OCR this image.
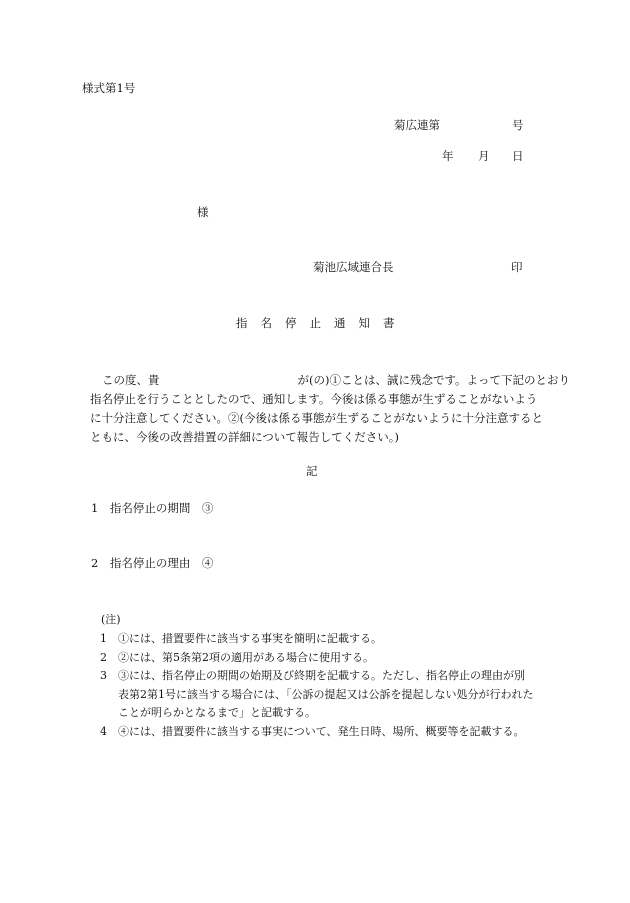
様式第1号
菊広連第	号
年 月 日
様
菊池広域連合長	印
指名停止通知書
この度、貴　　　　　　　　　　　　が(の)①ことは、誠に残念です。よって下記のとおり
指名停止を行うこととしたので、通知します。今後は係る事態が生ずることがないよう
に十分注意してください。②(今後は係る事態が生ずることがないように十分注意すると
ともに、今後の改善措置の詳細について報告してください。)
記
1　指名停止の期間　③
2　指名停止の理由　④
(注)
1　①には、措置要件に該当する事実を簡明に記載する。
2　②には、第5条第2項の適用がある場合に使用する。
3　③には、指名停止の期間の始期及び終期を記載する。ただし、指名停止の理由が別
表第2第1号に該当する場合には、「公訴の提起又は公訴を提起しない処分が行われた
ことが明らかとなるまで」と記載する。
4　④には、措置要件に該当する事実について、発生日時、場所、概要等を記載する。
